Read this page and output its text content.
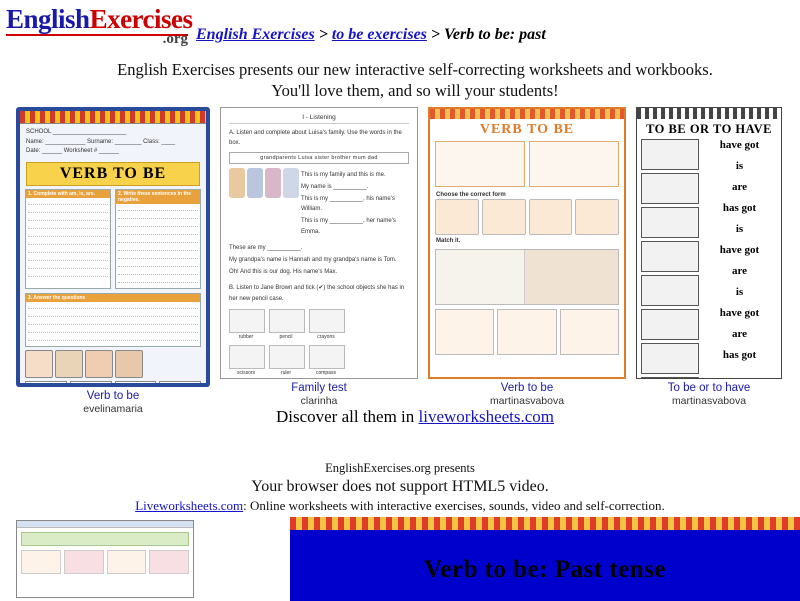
EnglishExercises
.org English Exercises > to be exercises > Verb to be: past
English Exercises presents our new interactive self-correcting worksheets and workbooks.
You'll love them, and so will your students!
SCHOOL ______________________
Name: ____________ Surname: ________ Class: ____
Date: ______ Worksheet # ______
VERB TO BE
1. Complete with am, is, are.	2. Write these sentences in the negative.
3. Answer the questions
Verb to be
evelinamaria
I - Listening
A. Listen and complete about Luisa's family. Use the words in the box.
grandparents Luisa sister brother mum dad
This is my family and this is me.
My name is __________.
This is my __________, his name's William.
This is my __________, her name's Emma.
These are my __________.
My grandpa's name is Hannah and my grandpa's name is Tom.
Oh! And this is our dog. His name's Max.
B. Listen to Jane Brown and tick (✔) the school objects she has in her new pencil case.
rubber	pencil	crayons
scissors	ruler	compass
Family test
clarinha
VERB TO BE
Choose the correct form
Match it.
Verb to be
martinasvabova
TO BE OR TO HAVE
have got
is
are
has got
is
have got
are
is
have got
are
has got
To be or to have
martinasvabova
Discover all them in liveworksheets.com
EnglishExercises.org presents
Your browser does not support HTML5 video.
Liveworksheets.com: Online worksheets with interactive exercises, sounds, video and self-correction.
Verb to be: Past tense
